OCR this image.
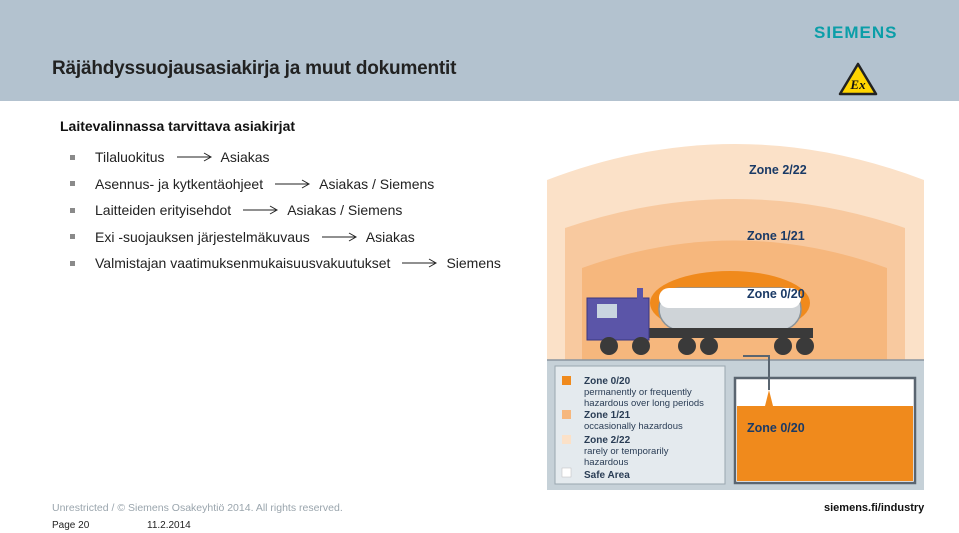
Räjähdyssuojausasiakirja ja muut dokumentit
SIEMENS
Ex
Laitevalinnassa tarvittava asiakirjat
Tilaluokitus	Asiakas
Asennus- ja kytkentäohjeet	Asiakas / Siemens
Laitteiden erityisehdot	Asiakas / Siemens
Exi -suojauksen järjestelmäkuvaus	Asiakas
Valmistajan vaatimuksenmukaisuusvakuutukset	Siemens
Zone 0/20
permanently or frequently
hazardous over long periods
Zone 1/21
occasionally hazardous
Zone 2/22
rarely or temporarily
hazardous
Safe Area
Zone 2/22
Zone 1/21
Zone 0/20
Zone 0/20
Unrestricted / © Siemens Osakeyhtiö 2014. All rights reserved.	siemens.fi/industry
Page 20	11.2.2014
